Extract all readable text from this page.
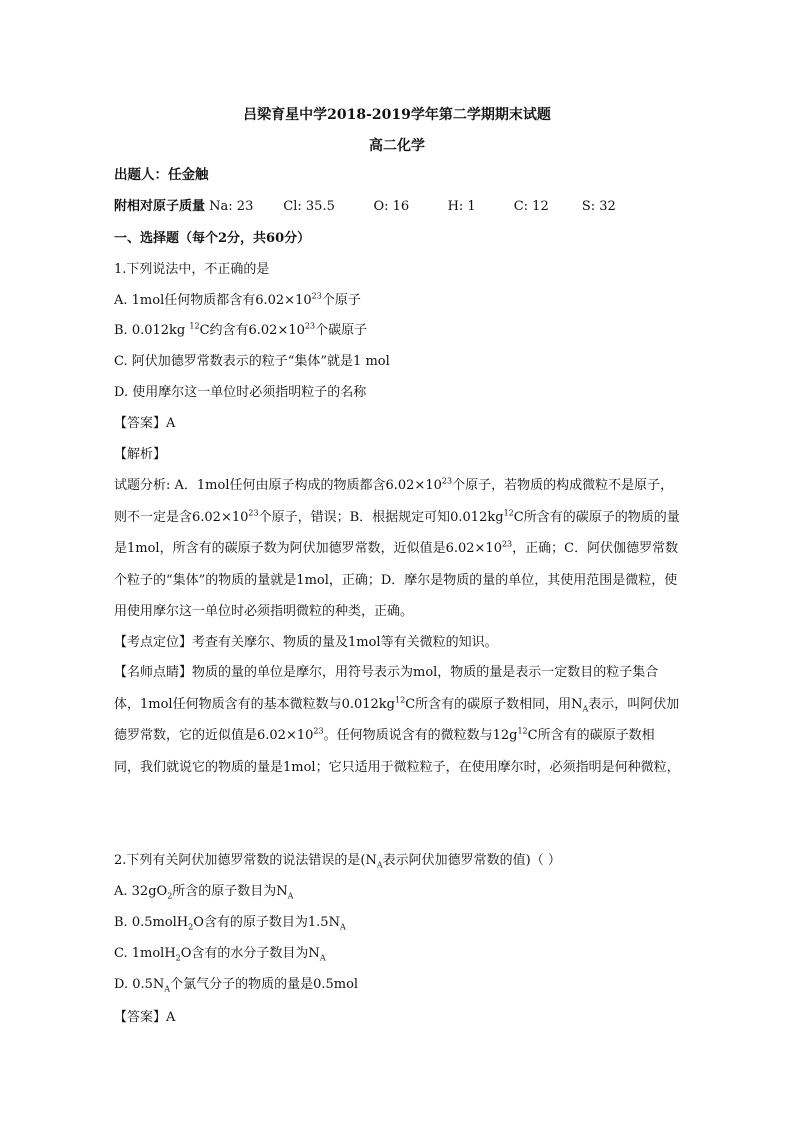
吕梁育星中学2018-2019学年第二学期期末试题
高二化学
出题人：任金触
附相对原子质量 Na: 23 Cl: 35.5	O: 16	H: 1	C: 12	S: 32
一、选择题（每个2分，共60分）
1.下列说法中，不正确的是
A. 1mol任何物质都含有$6.02\times 10^{23}$个原子
B. 0.012kg $^{12}$C约含有$6.02\times 10^{23}$个碳原子
C. 阿伏加德罗常数表示的粒子“集体”就是1 mol
D. 使用摩尔这一单位时必须指明粒子的名称
【答案】A
【解析】
试题分析: A．1mol任何由原子构成的物质都含$6.02\times 10^{23}$个原子，若物质的构成微粒不是原子，则不一定是含$6.02\times 10^{23}$个原子，错误；B．根据规定可知$0.012kg^{12}C$所含有的碳原子的物质的量是1mol，所含有的碳原子数为阿伏加德罗常数，近似值是$6.02\times 10^{23}$，正确；C．阿伏伽德罗常数个粒子的“集体”的物质的量就是1mol，正确；D．摩尔是物质的量的单位，其使用范围是微粒，使用使用摩尔这一单位时必须指明微粒的种类，正确。
【考点定位】考查有关摩尔、物质的量及1mol等有关微粒的知识。
【名师点睛】物质的量的单位是摩尔，用符号表示为mol，物质的量是表示一定数目的粒子集合体，1mol任何物质含有的基本微粒数与$0.012kg^{12}C$所含有的碳原子数相同，用$N_A$表示，叫阿伏加德罗常数，它的近似值是$6.02\times 10^{23}$。任何物质说含有的微粒数与$12g^{12}C$所含有的碳原子数相同，我们就说它的物质的量是1mol；它只适用于微粒粒子，在使用摩尔时，必须指明是何种微粒，
2.下列有关阿伏加德罗常数的说法错误的是($N_A$表示阿伏加德罗常数的值)（ ）
A. $32gO_2$所含的原子数目为$N_A$
B. 0.5molH$_2$O含有的原子数目为$1.5N_A$
C. 1molH$_2$O含有的水分子数目为$N_A$
D. $0.5N_A$个氯气分子的物质的量是0.5mol
【答案】A
